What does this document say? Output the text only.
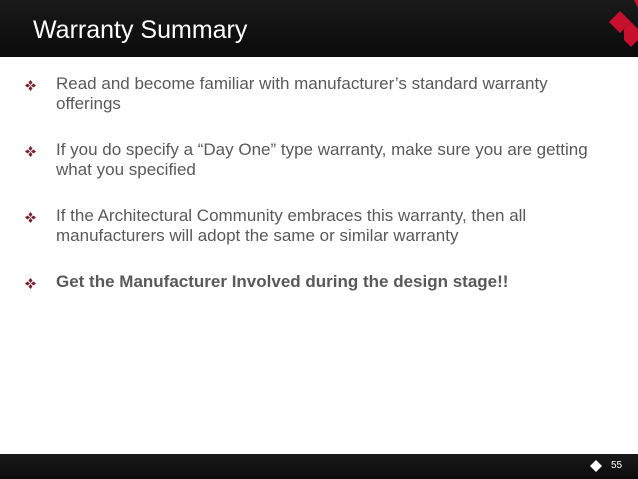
Warranty Summary
Read and become familiar with manufacturer’s standard warranty offerings
If you do specify a “Day One” type warranty, make sure you are getting what you specified
If the Architectural Community embraces this warranty, then all manufacturers will adopt the same or similar warranty
Get the Manufacturer Involved during the design stage!!
55
